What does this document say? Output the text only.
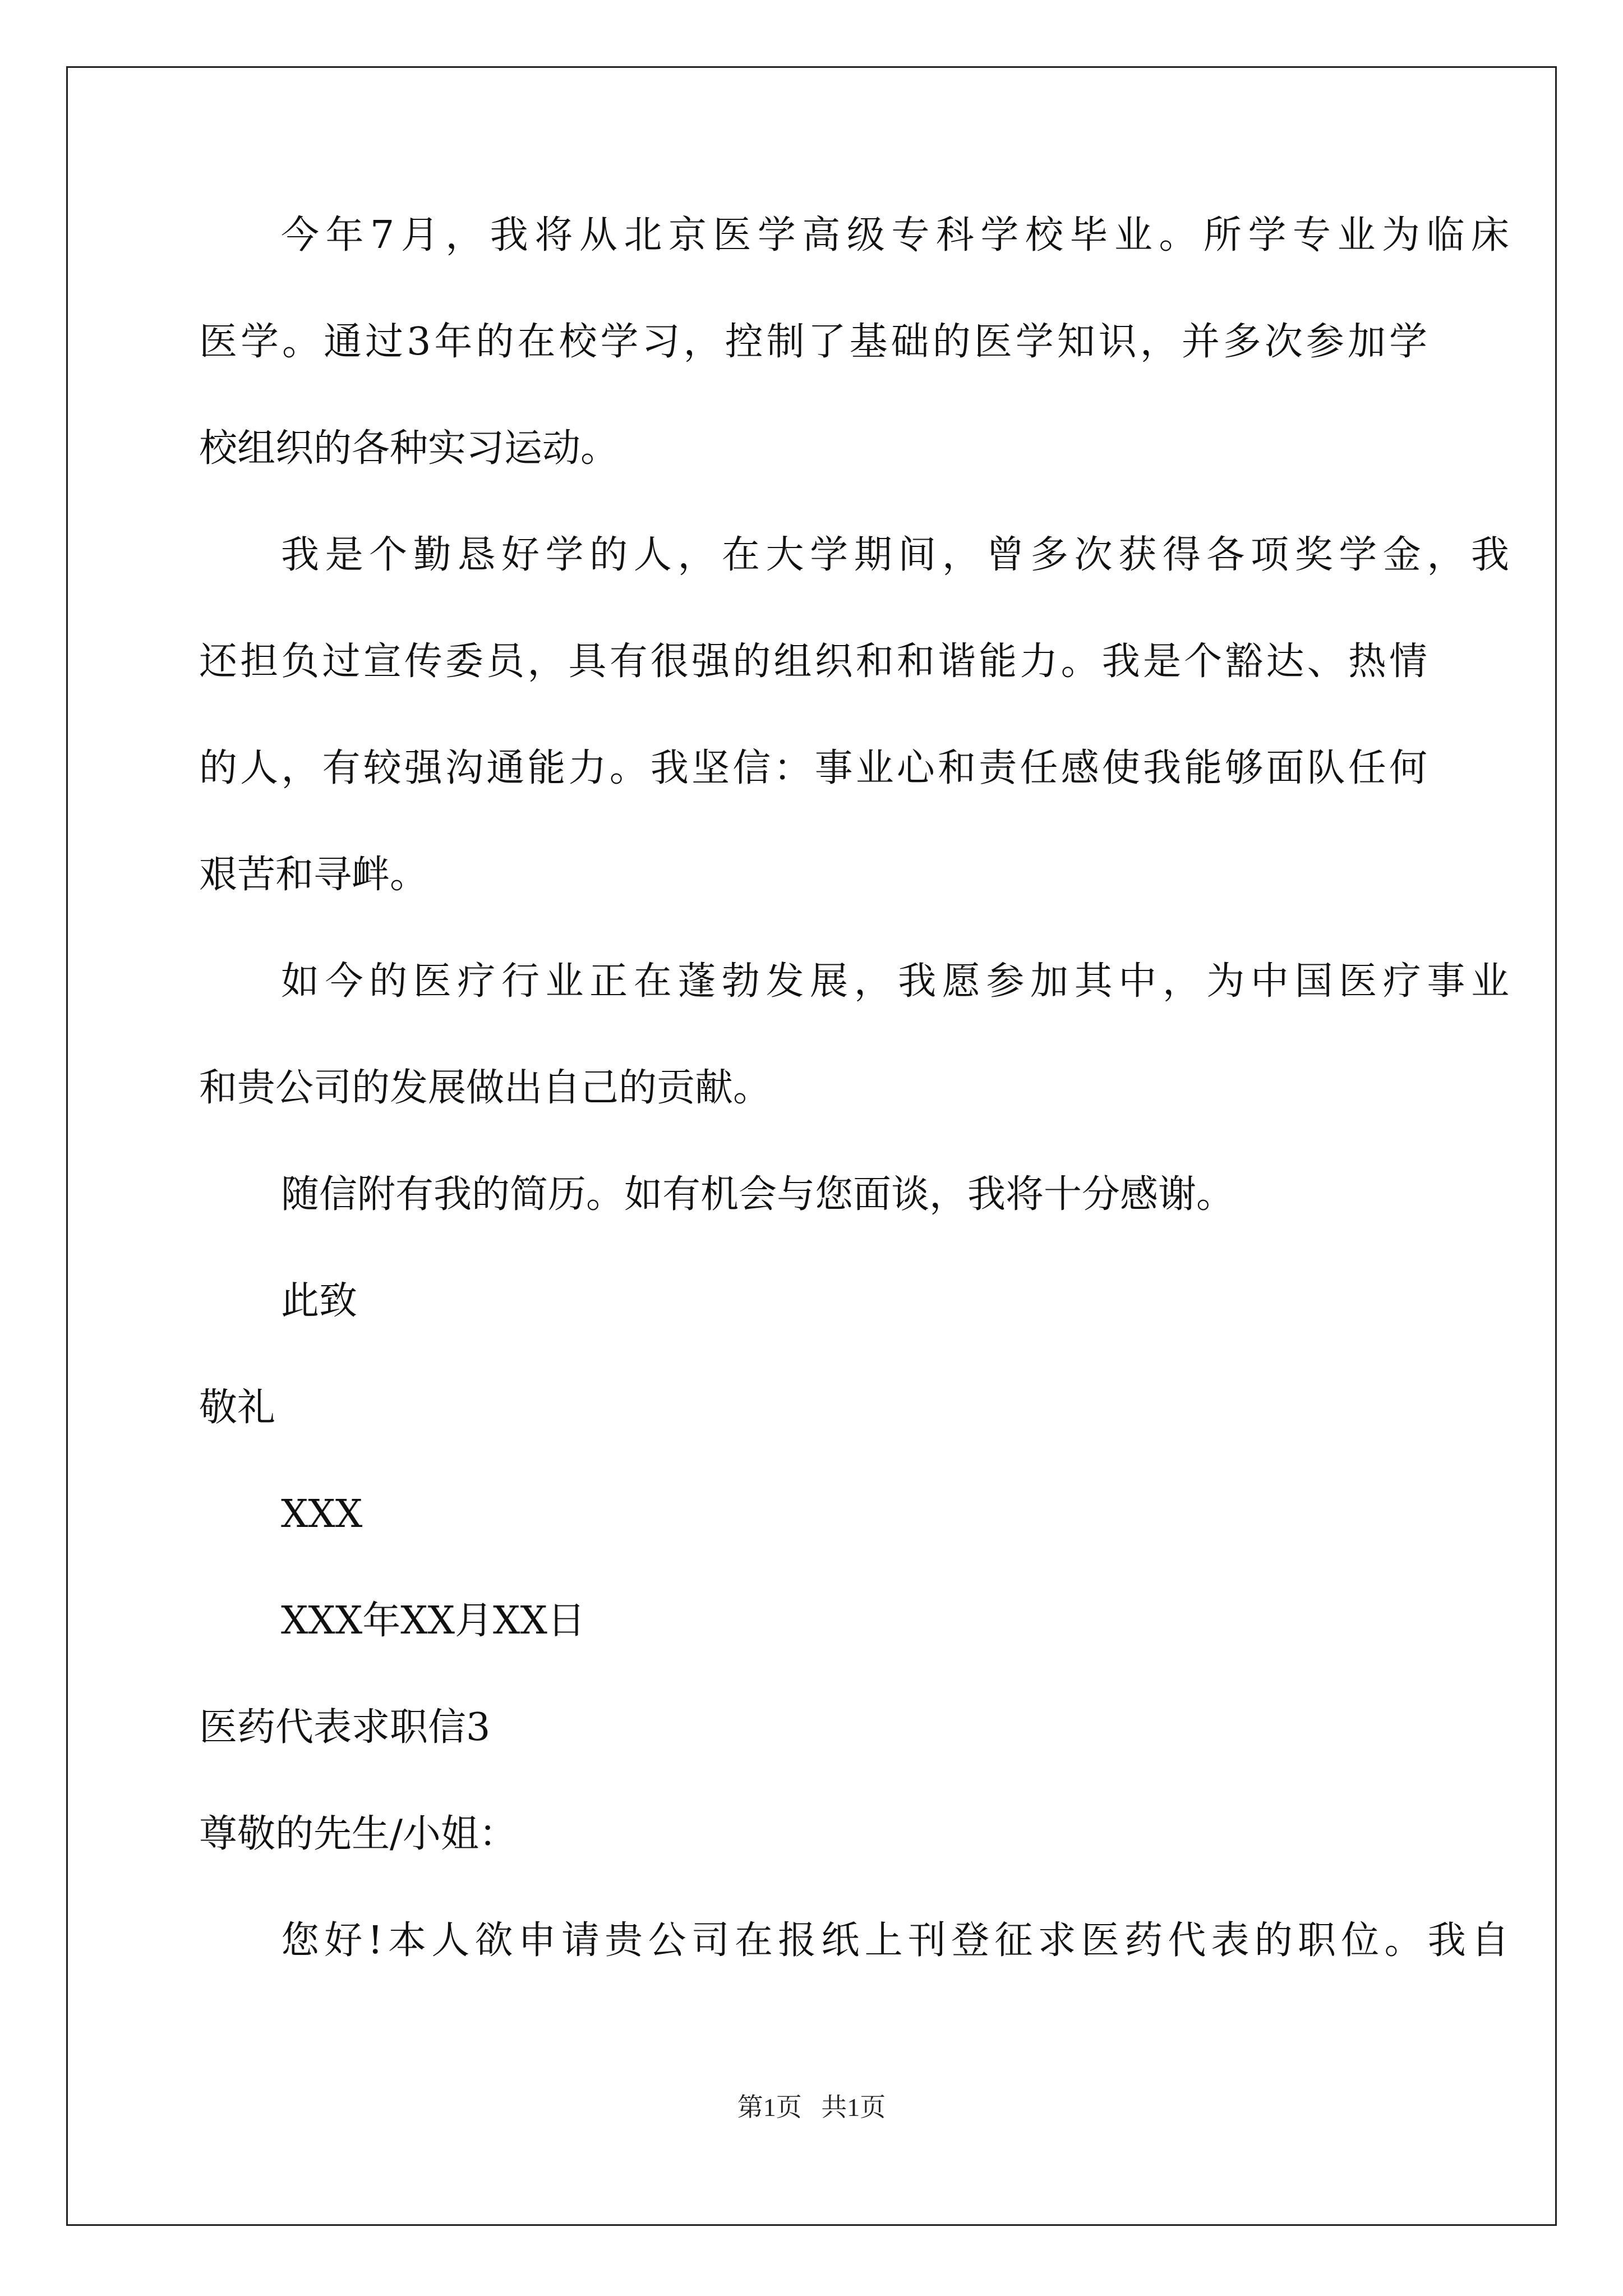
今年7月，我将从北京医学高级专科学校毕业。所学专业为临床
医学。通过3年的在校学习，控制了基础的医学知识，并多次参加学
校组织的各种实习运动。
我是个勤恳好学的人，在大学期间，曾多次获得各项奖学金，我
还担负过宣传委员，具有很强的组织和和谐能力。我是个豁达、热情
的人，有较强沟通能力。我坚信：事业心和责任感使我能够面队任何
艰苦和寻衅。
如今的医疗行业正在蓬勃发展，我愿参加其中，为中国医疗事业
和贵公司的发展做出自己的贡献。
随信附有我的简历。如有机会与您面谈，我将十分感谢。
此致
敬礼
XXX
XXX年XX月XX日
医药代表求职信3
尊敬的先生/小姐：
您好!本人欲申请贵公司在报纸上刊登征求医药代表的职位。我自
第1页   共1页
